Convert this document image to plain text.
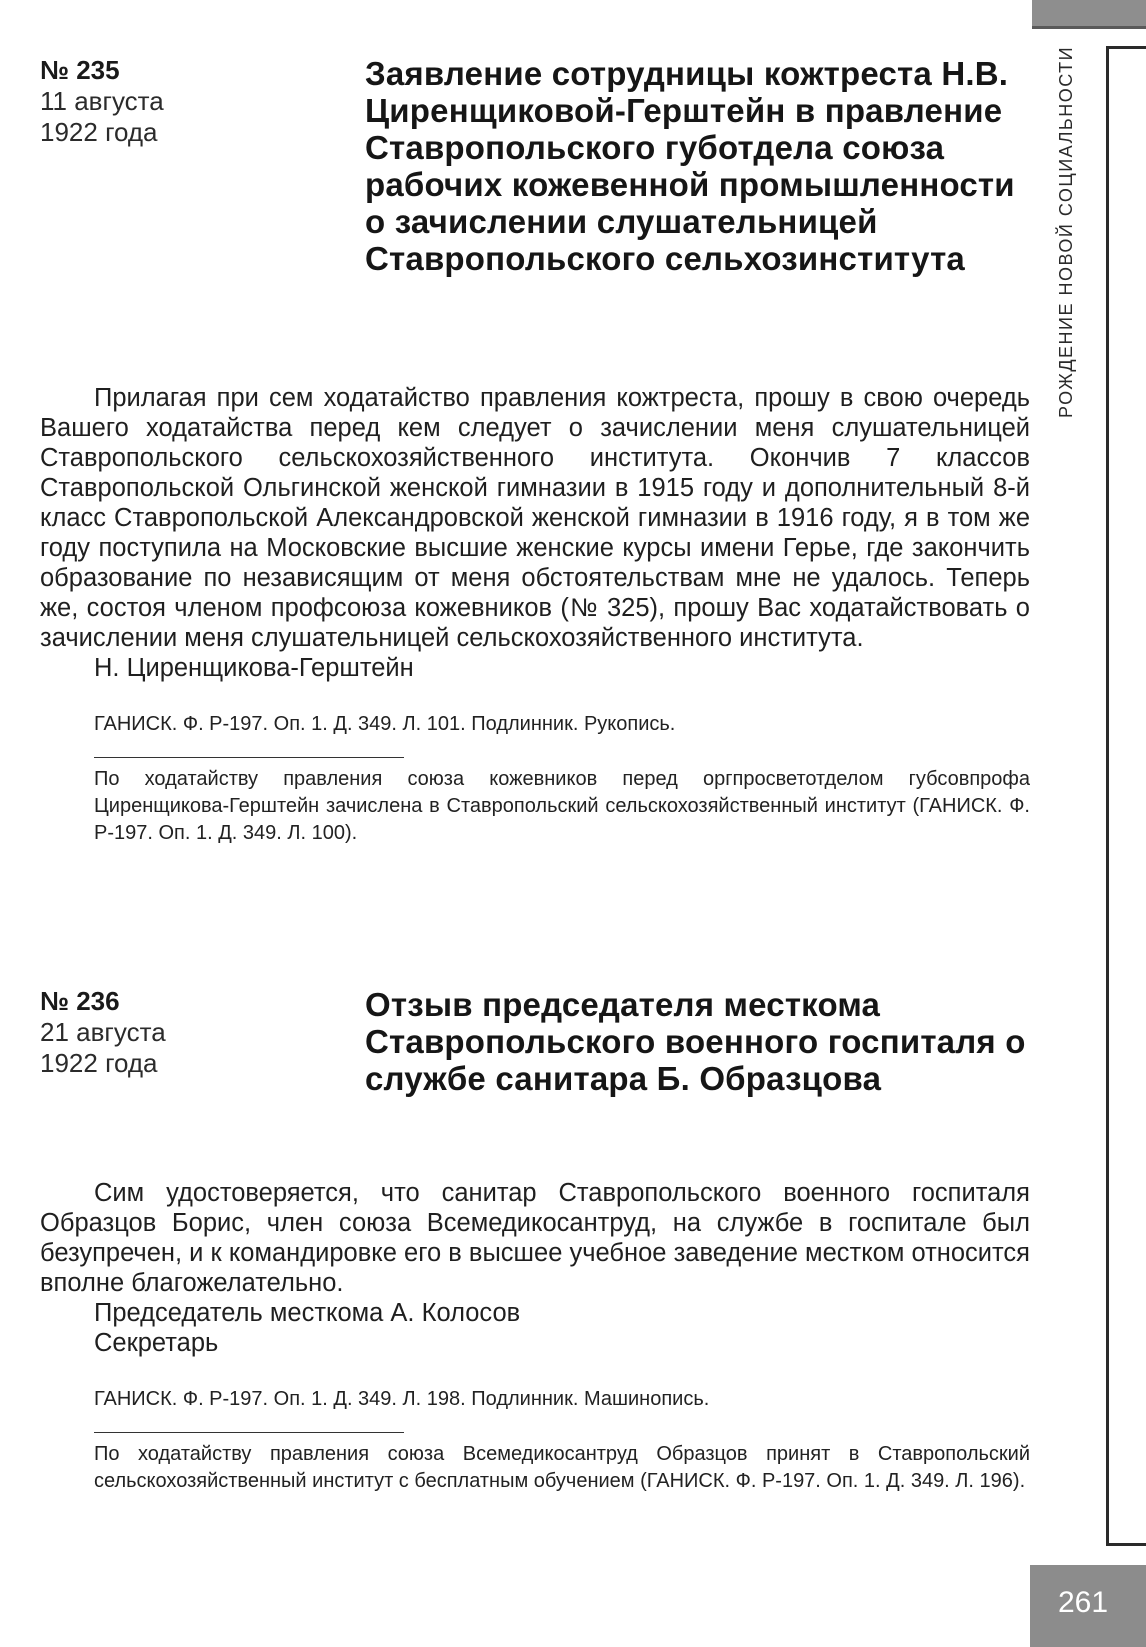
РОЖДЕНИЕ НОВОЙ СОЦИАЛЬНОСТИ
261
№ 235
11 августа
1922 года
Заявление сотрудницы кожтреста Н.В. Циренщиковой-Герштейн в правление Ставропольского губотдела союза рабочих кожевенной промышленности о зачислении слушательницей Ставропольского сельхозинститута

Прилагая при сем ходатайство правления кожтреста, прошу в свою очередь Вашего ходатайства перед кем следует о зачислении меня слушательницей Ставропольского сельскохозяйственного института. Окончив 7 классов Ставропольской Ольгинской женской гимназии в 1915 году и дополнительный 8-й класс Ставропольской Александровской женской гимназии в 1916 году, я в том же году поступила на Московские высшие женские курсы имени Герье, где закончить образование по независящим от меня обстоятельствам мне не удалось. Теперь же, состоя членом профсоюза кожевников (№ 325), прошу Вас ходатайствовать о зачислении меня слушательницей сельскохозяйственного института.

Н. Циренщикова-Герштейн

ГАНИСК. Ф. Р-197. Оп. 1. Д. 349. Л. 101. Подлинник. Рукопись.

По ходатайству правления союза кожевников перед оргпросветотделом губсовпрофа Циренщикова-Герштейн зачислена в Ставропольский сельскохозяйственный институт (ГАНИСК. Ф. Р-197. Оп. 1. Д. 349. Л. 100).

№ 236
21 августа
1922 года
Отзыв председателя месткома Ставропольского военного госпиталя о службе санитара Б. Образцова

Сим удостоверяется, что санитар Ставропольского военного госпиталя Образцов Борис, член союза Всемедикосантруд, на службе в госпитале был безупречен, и к командировке его в высшее учебное заведение местком относится вполне благожелательно.

Председатель месткома А. Колосов

Секретарь

ГАНИСК. Ф. Р-197. Оп. 1. Д. 349. Л. 198. Подлинник. Машинопись.

По ходатайству правления союза Всемедикосантруд Образцов принят в Ставропольский сельскохозяйственный институт с бесплатным обучением (ГАНИСК. Ф. Р-197. Оп. 1. Д. 349. Л. 196).
